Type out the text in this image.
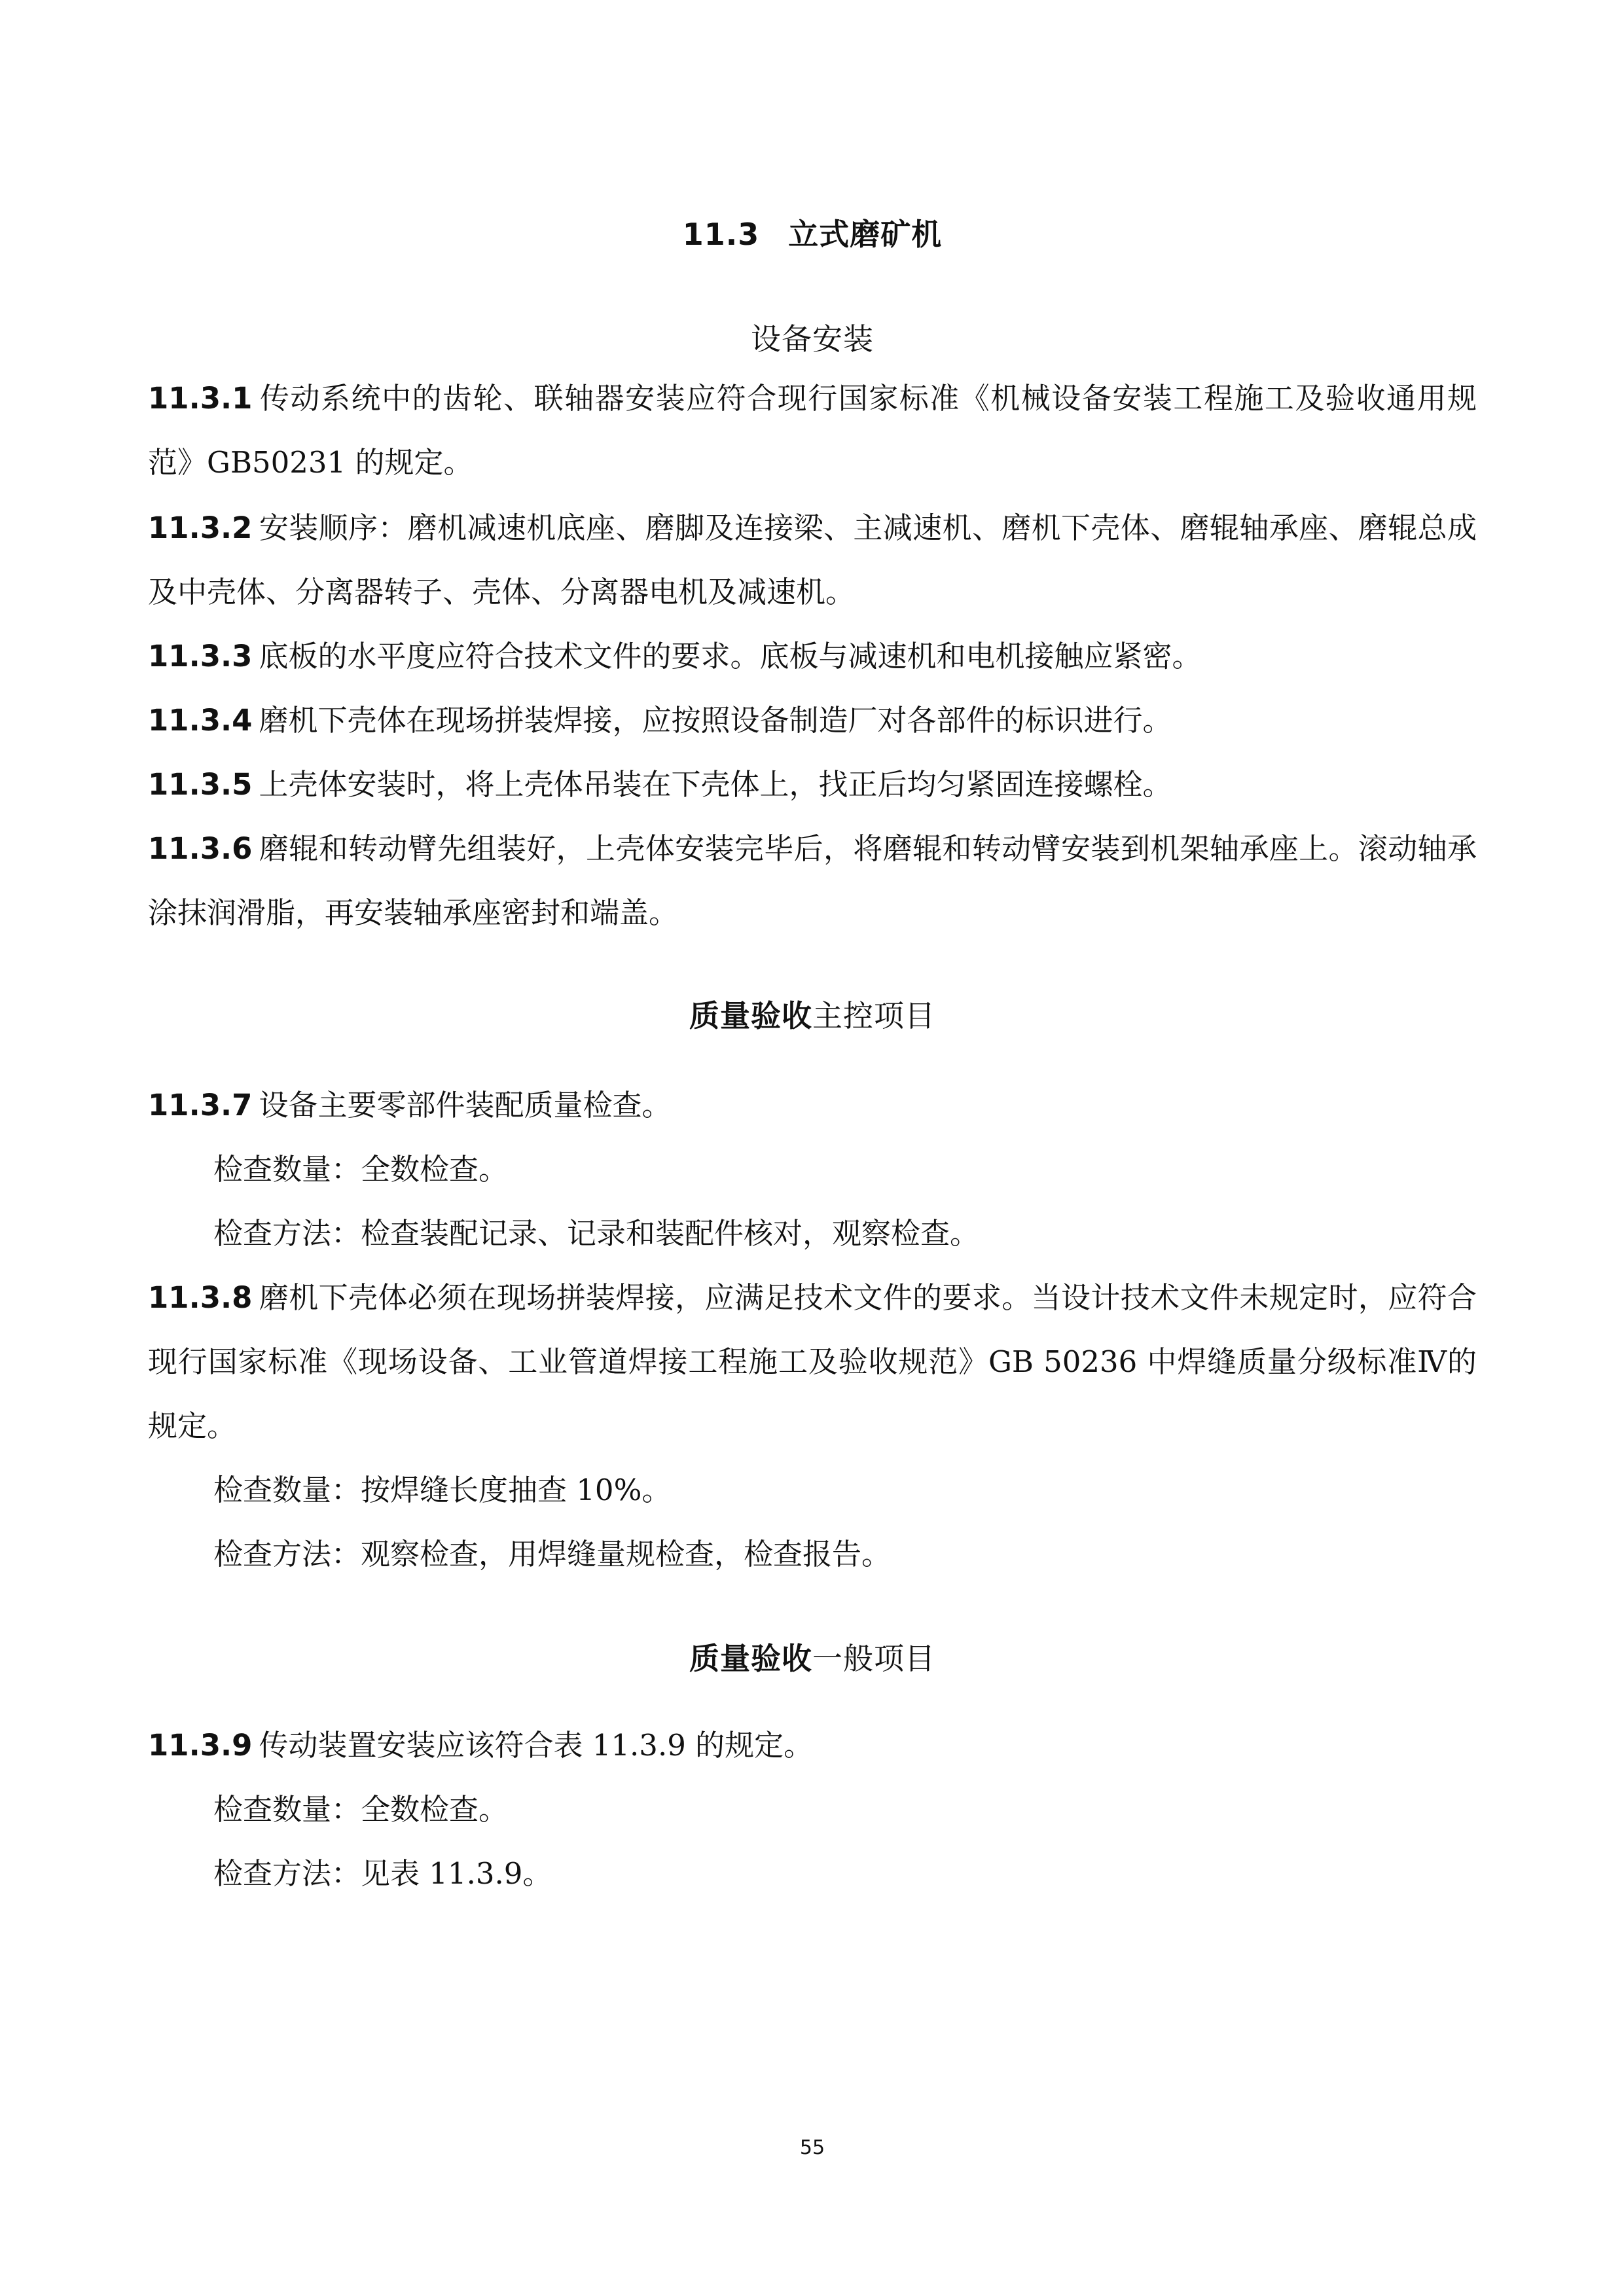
11.3 立式磨矿机
设备安装

11.3.1 传动系统中的齿轮、联轴器安装应符合现行国家标准《机械设备安装工程施工及验收通用规范》GB50231 的规定。

11.3.2 安装顺序：磨机减速机底座、磨脚及连接梁、主减速机、磨机下壳体、磨辊轴承座、磨辊总成及中壳体、分离器转子、壳体、分离器电机及减速机。

11.3.3 底板的水平度应符合技术文件的要求。底板与减速机和电机接触应紧密。

11.3.4 磨机下壳体在现场拼装焊接，应按照设备制造厂对各部件的标识进行。

11.3.5 上壳体安装时，将上壳体吊装在下壳体上，找正后均匀紧固连接螺栓。

11.3.6 磨辊和转动臂先组装好，上壳体安装完毕后，将磨辊和转动臂安装到机架轴承座上。滚动轴承涂抹润滑脂，再安装轴承座密封和端盖。

质量验收主控项目

11.3.7 设备主要零部件装配质量检查。

检查数量：全数检查。

检查方法：检查装配记录、记录和装配件核对，观察检查。

11.3.8 磨机下壳体必须在现场拼装焊接，应满足技术文件的要求。当设计技术文件未规定时，应符合现行国家标准《现场设备、工业管道焊接工程施工及验收规范》GB 50236 中焊缝质量分级标准Ⅳ的规定。

检查数量：按焊缝长度抽查 10%。

检查方法：观察检查，用焊缝量规检查，检查报告。

质量验收一般项目

11.3.9 传动装置安装应该符合表 11.3.9 的规定。

检查数量：全数检查。

检查方法：见表 11.3.9。

55
